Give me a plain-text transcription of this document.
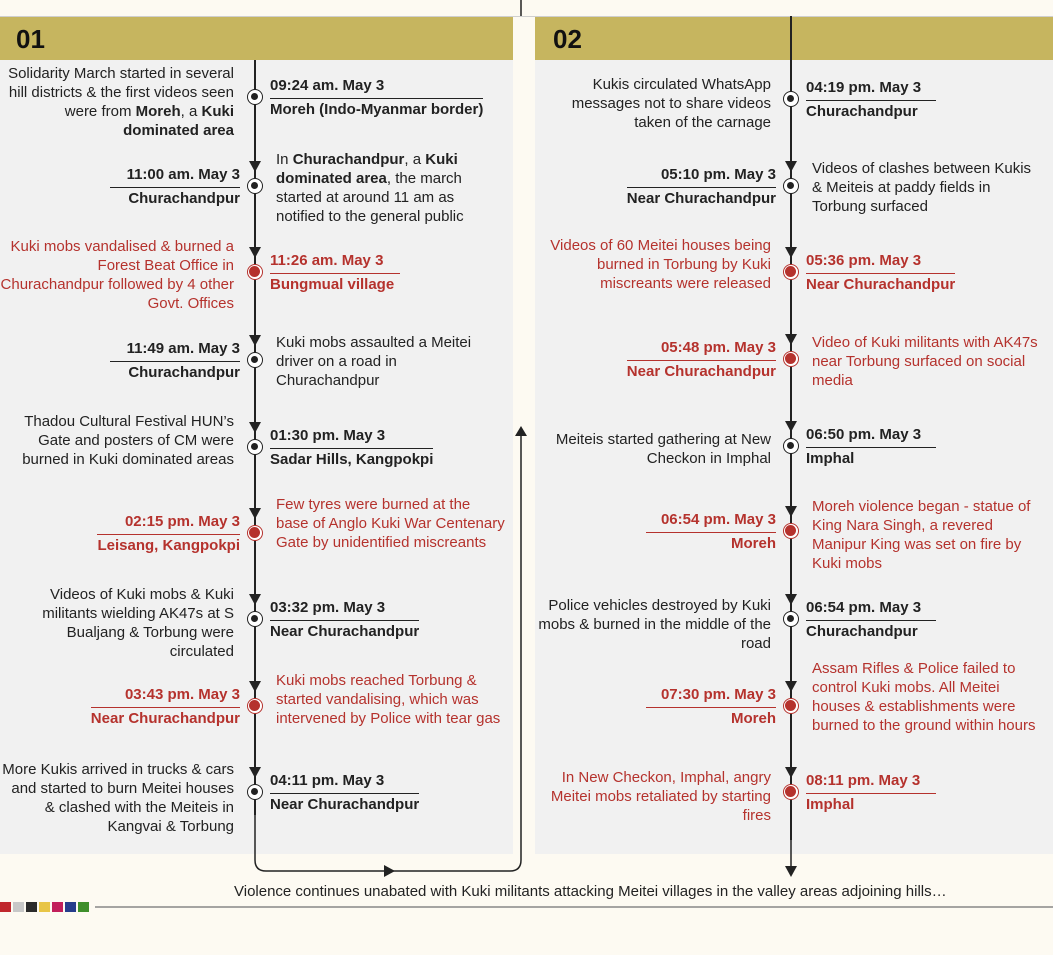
01	02
Solidarity March started in several hill districts & the first videos seen were from Moreh, a Kuki dominated area
09:24 am. May 3
Moreh (Indo-Myanmar border)
In Churachandpur, a Kuki dominated area, the march started at around 11 am as notified to the general public
11:00 am. May 3
Churachandpur
Kuki mobs vandalised & burned a Forest Beat Office in Churachandpur followed by 4 other Govt. Offices
11:26 am. May 3
Bungmual village
Kuki mobs assaulted a Meitei driver on a road in Churachandpur
11:49 am. May 3
Churachandpur
Thadou Cultural Festival HUN’s Gate and posters of CM were burned in Kuki dominated areas
01:30 pm. May 3
Sadar Hills, Kangpokpi
Few tyres were burned at the base of Anglo Kuki War Centenary Gate by unidentified miscreants
02:15 pm. May 3
Leisang, Kangpokpi
Videos of Kuki mobs & Kuki militants wielding AK47s at S Bualjang & Torbung were circulated
03:32 pm. May 3
Near Churachandpur
Kuki mobs reached Torbung & started vandalising, which was intervened by Police with tear gas
03:43 pm. May 3
Near Churachandpur
More Kukis arrived in trucks & cars and started to burn Meitei houses & clashed with the Meiteis in Kangvai & Torbung
04:11 pm. May 3
Near Churachandpur
Kukis circulated WhatsApp messages not to share videos taken of the carnage
04:19 pm. May 3
Churachandpur
Videos of clashes between Kukis & Meiteis at paddy fields in Torbung surfaced
05:10 pm. May 3
Near Churachandpur
Videos of 60 Meitei houses being burned in Torbung by Kuki miscreants were released
05:36 pm. May 3
Near Churachandpur
Video of Kuki militants with AK47s near Torbung surfaced on social media
05:48 pm. May 3
Near Churachandpur
Meiteis started gathering at New Checkon in Imphal
06:50 pm. May 3
Imphal
Moreh violence began - statue of King Nara Singh, a revered Manipur King was set on fire by Kuki mobs
06:54 pm. May 3
Moreh
Police vehicles destroyed by Kuki mobs & burned in the middle of the road
06:54 pm. May 3
Churachandpur
Assam Rifles & Police failed to control Kuki mobs. All Meitei houses & establishments were burned to the ground within hours
07:30 pm. May 3
Moreh
In New Checkon, Imphal, angry Meitei mobs retaliated by starting fires
08:11 pm. May 3
Imphal
Violence continues unabated with Kuki militants attacking Meitei villages in the valley areas adjoining hills…
